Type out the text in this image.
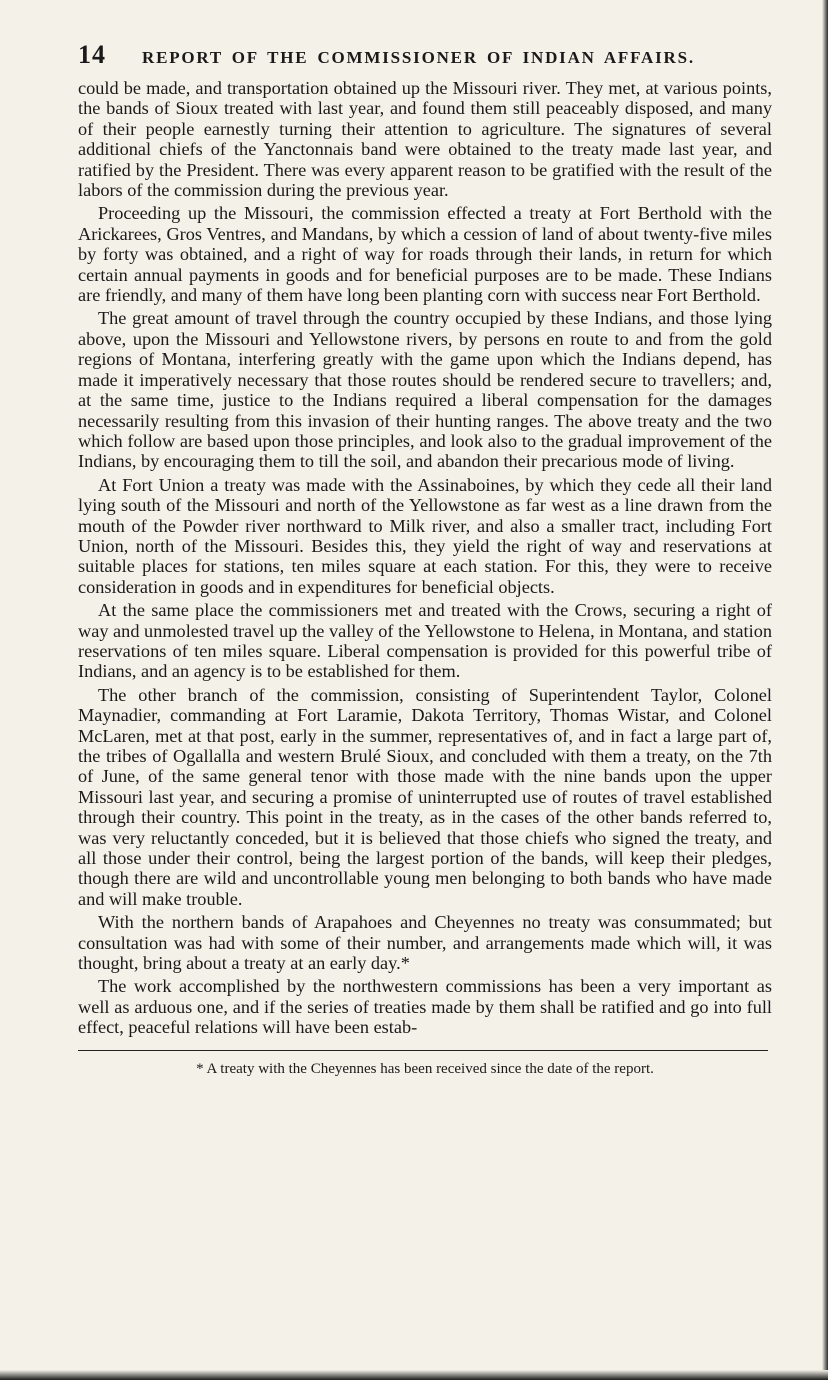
14 REPORT OF THE COMMISSIONER OF INDIAN AFFAIRS.

could be made, and transportation obtained up the Missouri river. They met, at various points, the bands of Sioux treated with last year, and found them still peaceably disposed, and many of their people earnestly turning their attention to agriculture. The signatures of several additional chiefs of the Yanctonnais band were obtained to the treaty made last year, and ratified by the President. There was every apparent reason to be gratified with the result of the labors of the commission during the previous year.

Proceeding up the Missouri, the commission effected a treaty at Fort Berthold with the Arickarees, Gros Ventres, and Mandans, by which a cession of land of about twenty-five miles by forty was obtained, and a right of way for roads through their lands, in return for which certain annual payments in goods and for beneficial purposes are to be made. These Indians are friendly, and many of them have long been planting corn with success near Fort Berthold.

The great amount of travel through the country occupied by these Indians, and those lying above, upon the Missouri and Yellowstone rivers, by persons en route to and from the gold regions of Montana, interfering greatly with the game upon which the Indians depend, has made it imperatively necessary that those routes should be rendered secure to travellers; and, at the same time, justice to the Indians required a liberal compensation for the damages necessarily resulting from this invasion of their hunting ranges. The above treaty and the two which follow are based upon those principles, and look also to the gradual improvement of the Indians, by encouraging them to till the soil, and abandon their precarious mode of living.

At Fort Union a treaty was made with the Assinaboines, by which they cede all their land lying south of the Missouri and north of the Yellowstone as far west as a line drawn from the mouth of the Powder river northward to Milk river, and also a smaller tract, including Fort Union, north of the Missouri. Besides this, they yield the right of way and reservations at suitable places for stations, ten miles square at each station. For this, they were to receive consideration in goods and in expenditures for beneficial objects.

At the same place the commissioners met and treated with the Crows, securing a right of way and unmolested travel up the valley of the Yellowstone to Helena, in Montana, and station reservations of ten miles square. Liberal compensation is provided for this powerful tribe of Indians, and an agency is to be established for them.

The other branch of the commission, consisting of Superintendent Taylor, Colonel Maynadier, commanding at Fort Laramie, Dakota Territory, Thomas Wistar, and Colonel McLaren, met at that post, early in the summer, representatives of, and in fact a large part of, the tribes of Ogallalla and western Brulé Sioux, and concluded with them a treaty, on the 7th of June, of the same general tenor with those made with the nine bands upon the upper Missouri last year, and securing a promise of uninterrupted use of routes of travel established through their country. This point in the treaty, as in the cases of the other bands referred to, was very reluctantly conceded, but it is believed that those chiefs who signed the treaty, and all those under their control, being the largest portion of the bands, will keep their pledges, though there are wild and uncontrollable young men belonging to both bands who have made and will make trouble.

With the northern bands of Arapahoes and Cheyennes no treaty was consummated; but consultation was had with some of their number, and arrangements made which will, it was thought, bring about a treaty at an early day.*

The work accomplished by the northwestern commissions has been a very important as well as arduous one, and if the series of treaties made by them shall be ratified and go into full effect, peaceful relations will have been estab-

* A treaty with the Cheyennes has been received since the date of the report.
